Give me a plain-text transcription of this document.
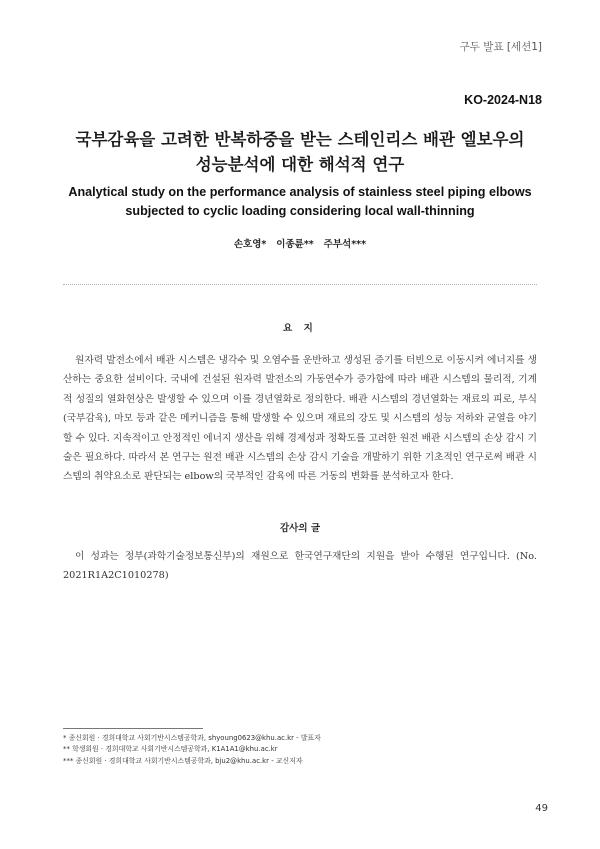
구두 발표 [세션1]
KO-2024-N18
국부감육을 고려한 반복하중을 받는 스테인리스 배관 엘보우의
성능분석에 대한 해석적 연구
Analytical study on the performance analysis of stainless steel piping elbows
subjected to cyclic loading considering local wall-thinning
손호영*   이종륜**   주부석***
요 지

원자력 발전소에서 배관 시스템은 냉각수 및 오염수를 운반하고 생성된 증기를 터빈으로 이동시켜 에너지를 생산하는 중요한 설비이다. 국내에 건설된 원자력 발전소의 가동연수가 증가함에 따라 배관 시스템의 물리적, 기계적 성질의 열화현상은 발생할 수 있으며 이를 경년열화로 정의한다. 배관 시스템의 경년열화는 재료의 피로, 부식(국부감육), 마모 등과 같은 메커니즘을 통해 발생할 수 있으며 재료의 강도 및 시스템의 성능 저하와 균열을 야기할 수 있다. 지속적이고 안정적인 에너지 생산을 위해 경제성과 정확도를 고려한 원전 배관 시스템의 손상 감시 기술은 필요하다. 따라서 본 연구는 원전 배관 시스템의 손상 감시 기술을 개발하기 위한 기초적인 연구로써 배관 시스템의 취약요소로 판단되는 elbow의 국부적인 감육에 따른 거동의 변화를 분석하고자 한다.

감사의 글

이 성과는 정부(과학기술정보통신부)의 재원으로 한국연구재단의 지원을 받아 수행된 연구입니다. (No. 2021R1A2C1010278)

* 종신회원 · 경희대학교 사회기반시스템공학과, shyoung0623@khu.ac.kr - 발표자
** 학생회원 · 경희대학교 사회기반시스템공학과, K1A1A1@khu.ac.kr
*** 종신회원 · 경희대학교 사회기반시스템공학과, bju2@khu.ac.kr - 교신저자
49
